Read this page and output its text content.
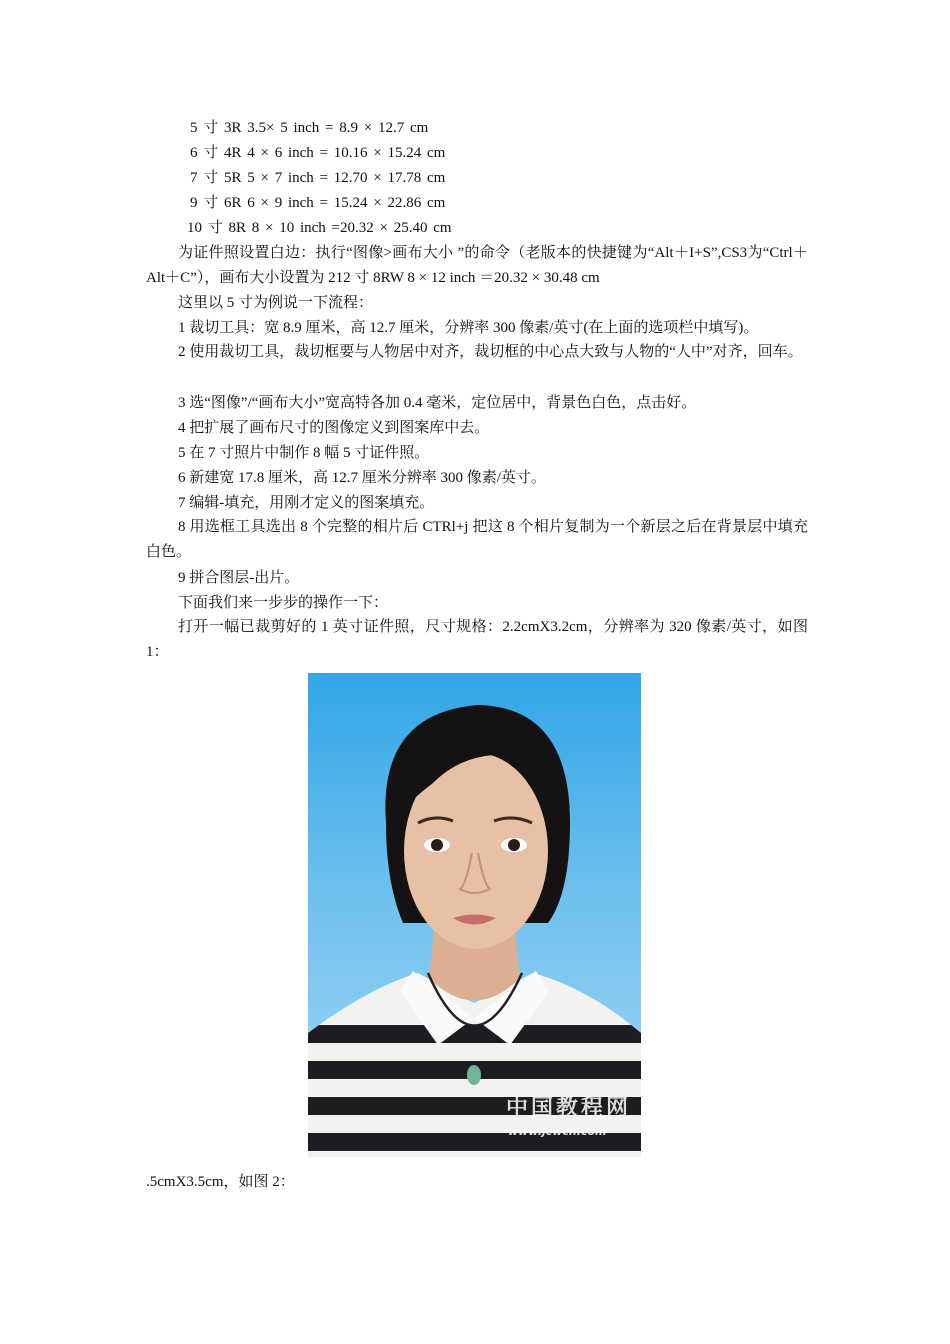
5 寸 3R 3.5× 5 inch = 8.9 × 12.7 cm
6 寸 4R 4 × 6 inch = 10.16 × 15.24 cm
7 寸 5R 5 × 7 inch = 12.70 × 17.78 cm
9 寸 6R 6 × 9 inch = 15.24 × 22.86 cm
10 寸 8R 8 × 10 inch =20.32 × 25.40 cm
为证件照设置白边：执行“图像>画布大小 ”的命令（老版本的快捷键为“Alt＋I+S”,CS3为“Ctrl＋Alt＋C”），画布大小设置为 212 寸 8RW 8 × 12 inch ＝20.32 × 30.48 cm
这里以 5 寸为例说一下流程：
1 裁切工具：宽 8.9 厘米，高 12.7 厘米，分辨率 300 像素/英寸(在上面的选项栏中填写)。
2 使用裁切工具，裁切框要与人物居中对齐，裁切框的中心点大致与人物的“人中”对齐，回车。
3 选“图像”/“画布大小”宽高特各加 0.4 毫米，定位居中，背景色白色，点击好。
4 把扩展了画布尺寸的图像定义到图案库中去。
5 在 7 寸照片中制作 8 幅 5 寸证件照。
6 新建宽 17.8 厘米，高 12.7 厘米分辨率 300 像素/英寸。
7 编辑-填充，用刚才定义的图案填充。
8 用选框工具选出 8 个完整的相片后 CTRl+j 把这 8 个相片复制为一个新层之后在背景层中填充白色。
9 拼合图层-出片。
下面我们来一步步的操作一下：
打开一幅已裁剪好的 1 英寸证件照，尺寸规格：2.2cmX3.2cm，分辨率为 320 像素/英寸，如图 1：
中国教程网
www.jcwcn.com
.5cmX3.5cm，如图 2：
